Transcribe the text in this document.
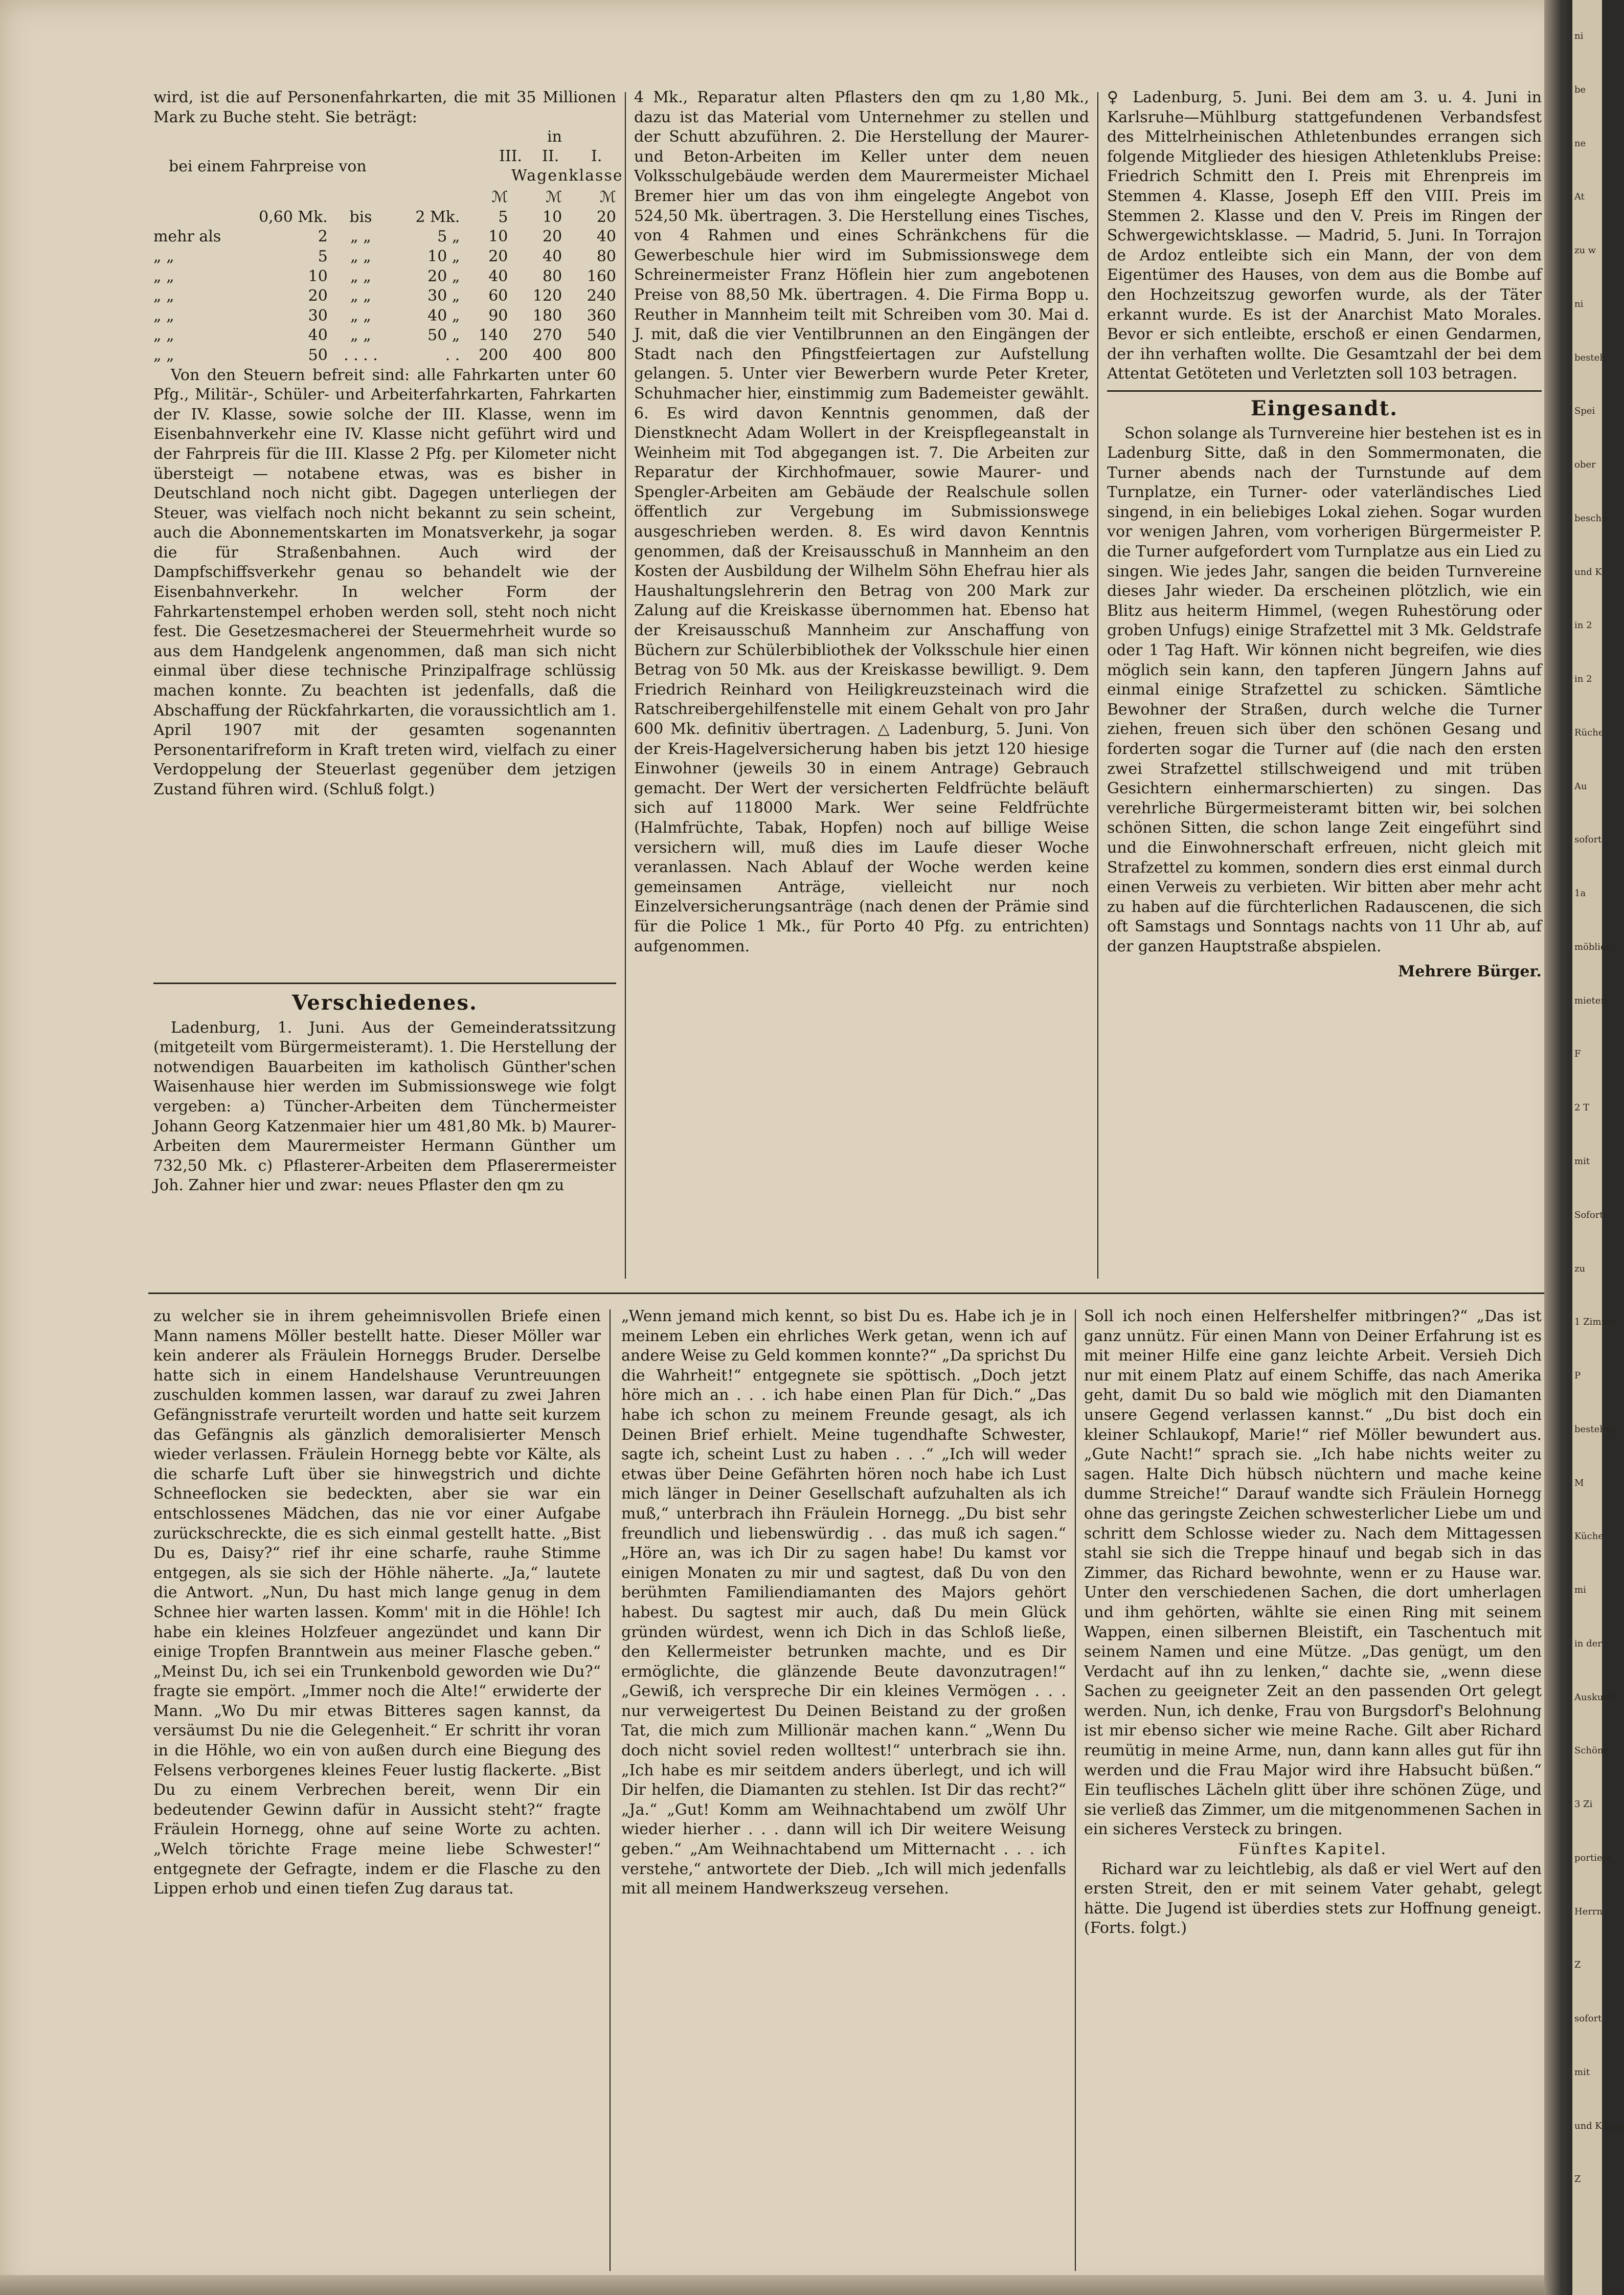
wird, ist die auf Personenfahrkarten, die mit 35 Millionen Mark zu Buche steht. Sie beträgt:

in
III. II. I.
bei einem Fahrpreise von
Wagenklasse
				ℳ	ℳ	ℳ
	0,60 Mk.	bis	2 Mk.	5	10	20
mehr als	2	„ „	5 „	10	20	40
„ „	5	„ „	10 „	20	40	80
„ „	10	„ „	20 „	40	80	160
„ „	20	„ „	30 „	60	120	240
„ „	30	„ „	40 „	90	180	360
„ „	40	„ „	50 „	140	270	540
„ „	50	. . . .	. .	200	400	800

Von den Steuern befreit sind: alle Fahrkarten unter 60 Pfg., Militär-, Schüler- und Arbeiterfahrkarten, Fahrkarten der IV. Klasse, sowie solche der III. Klasse, wenn im Eisenbahnverkehr eine IV. Klasse nicht geführt wird und der Fahrpreis für die III. Klasse 2 Pfg. per Kilometer nicht übersteigt — notabene etwas, was es bisher in Deutschland noch nicht gibt. Dagegen unterliegen der Steuer, was vielfach noch nicht bekannt zu sein scheint, auch die Abonnementskarten im Monatsverkehr, ja sogar die für Straßenbahnen. Auch wird der Dampfschiffsverkehr genau so behandelt wie der Eisenbahnverkehr. In welcher Form der Fahrkartenstempel erhoben werden soll, steht noch nicht fest. Die Gesetzesmacherei der Steuermehrheit wurde so aus dem Handgelenk angenommen, daß man sich nicht einmal über diese technische Prinzipalfrage schlüssig machen konnte. Zu beachten ist jedenfalls, daß die Abschaffung der Rückfahrkarten, die voraussichtlich am 1. April 1907 mit der gesamten sogenannten Personentarifreform in Kraft treten wird, vielfach zu einer Verdoppelung der Steuerlast gegenüber dem jetzigen Zustand führen wird. (Schluß folgt.)

Verschiedenes.

Ladenburg, 1. Juni. Aus der Gemeinderatssitzung (mitgeteilt vom Bürgermeisteramt). 1. Die Herstellung der notwendigen Bauarbeiten im katholisch Günther'schen Waisenhause hier werden im Submissionswege wie folgt vergeben: a) Tüncher-Arbeiten dem Tünchermeister Johann Georg Katzenmaier hier um 481,80 Mk. b) Maurer-Arbeiten dem Maurermeister Hermann Günther um 732,50 Mk. c) Pflasterer-Arbeiten dem Pflaserermeister Joh. Zahner hier und zwar: neues Pflaster den qm zu

4 Mk., Reparatur alten Pflasters den qm zu 1,80 Mk., dazu ist das Material vom Unternehmer zu stellen und der Schutt abzuführen. 2. Die Herstellung der Maurer- und Beton-Arbeiten im Keller unter dem neuen Volksschulgebäude werden dem Maurermeister Michael Bremer hier um das von ihm eingelegte Angebot von 524,50 Mk. übertragen. 3. Die Herstellung eines Tisches, von 4 Rahmen und eines Schränkchens für die Gewerbeschule hier wird im Submissionswege dem Schreinermeister Franz Höflein hier zum angebotenen Preise von 88,50 Mk. übertragen. 4. Die Firma Bopp u. Reuther in Mannheim teilt mit Schreiben vom 30. Mai d. J. mit, daß die vier Ventilbrunnen an den Eingängen der Stadt nach den Pfingstfeiertagen zur Aufstellung gelangen. 5. Unter vier Bewerbern wurde Peter Kreter, Schuhmacher hier, einstimmig zum Bademeister gewählt. 6. Es wird davon Kenntnis genommen, daß der Dienstknecht Adam Wollert in der Kreispflegeanstalt in Weinheim mit Tod abgegangen ist. 7. Die Arbeiten zur Reparatur der Kirchhofmauer, sowie Maurer- und Spengler-Arbeiten am Gebäude der Realschule sollen öffentlich zur Vergebung im Submissionswege ausgeschrieben werden. 8. Es wird davon Kenntnis genommen, daß der Kreisausschuß in Mannheim an den Kosten der Ausbildung der Wilhelm Söhn Ehefrau hier als Haushaltungslehrerin den Betrag von 200 Mark zur Zalung auf die Kreiskasse übernommen hat. Ebenso hat der Kreisausschuß Mannheim zur Anschaffung von Büchern zur Schülerbibliothek der Volksschule hier einen Betrag von 50 Mk. aus der Kreiskasse bewilligt. 9. Dem Friedrich Reinhard von Heiligkreuzsteinach wird die Ratschreibergehilfenstelle mit einem Gehalt von pro Jahr 600 Mk. definitiv übertragen. △ Ladenburg, 5. Juni. Von der Kreis-Hagelversicherung haben bis jetzt 120 hiesige Einwohner (jeweils 30 in einem Antrage) Gebrauch gemacht. Der Wert der versicherten Feldfrüchte beläuft sich auf 118000 Mark. Wer seine Feldfrüchte (Halmfrüchte, Tabak, Hopfen) noch auf billige Weise versichern will, muß dies im Laufe dieser Woche veranlassen. Nach Ablauf der Woche werden keine gemeinsamen Anträge, vielleicht nur noch Einzelversicherungsanträge (nach denen der Prämie sind für die Police 1 Mk., für Porto 40 Pfg. zu entrichten) aufgenommen.

♀ Ladenburg, 5. Juni. Bei dem am 3. u. 4. Juni in Karlsruhe—Mühlburg stattgefundenen Verbandsfest des Mittelrheinischen Athletenbundes errangen sich folgende Mitglieder des hiesigen Athletenklubs Preise: Friedrich Schmitt den I. Preis mit Ehrenpreis im Stemmen 4. Klasse, Joseph Eff den VIII. Preis im Stemmen 2. Klasse und den V. Preis im Ringen der Schwergewichtsklasse. — Madrid, 5. Juni. In Torrajon de Ardoz entleibte sich ein Mann, der von dem Eigentümer des Hauses, von dem aus die Bombe auf den Hochzeitszug geworfen wurde, als der Täter erkannt wurde. Es ist der Anarchist Mato Morales. Bevor er sich entleibte, erschoß er einen Gendarmen, der ihn verhaften wollte. Die Gesamtzahl der bei dem Attentat Getöteten und Verletzten soll 103 betragen.

Eingesandt.

Schon solange als Turnvereine hier bestehen ist es in Ladenburg Sitte, daß in den Sommermonaten, die Turner abends nach der Turnstunde auf dem Turnplatze, ein Turner- oder vaterländisches Lied singend, in ein beliebiges Lokal ziehen. Sogar wurden vor wenigen Jahren, vom vorherigen Bürgermeister P. die Turner aufgefordert vom Turnplatze aus ein Lied zu singen. Wie jedes Jahr, sangen die beiden Turnvereine dieses Jahr wieder. Da erscheinen plötzlich, wie ein Blitz aus heiterm Himmel, (wegen Ruhestörung oder groben Unfugs) einige Strafzettel mit 3 Mk. Geldstrafe oder 1 Tag Haft. Wir können nicht begreifen, wie dies möglich sein kann, den tapferen Jüngern Jahns auf einmal einige Strafzettel zu schicken. Sämtliche Bewohner der Straßen, durch welche die Turner ziehen, freuen sich über den schönen Gesang und forderten sogar die Turner auf (die nach den ersten zwei Strafzettel stillschweigend und mit trüben Gesichtern einhermarschierten) zu singen. Das verehrliche Bürgermeisteramt bitten wir, bei solchen schönen Sitten, die schon lange Zeit eingeführt sind und die Einwohnerschaft erfreuen, nicht gleich mit Strafzettel zu kommen, sondern dies erst einmal durch einen Verweis zu verbieten. Wir bitten aber mehr acht zu haben auf die fürchterlichen Radauscenen, die sich oft Samstags und Sonntags nachts von 11 Uhr ab, auf der ganzen Hauptstraße abspielen.

Mehrere Bürger.

zu welcher sie in ihrem geheimnisvollen Briefe einen Mann namens Möller bestellt hatte. Dieser Möller war kein anderer als Fräulein Horneggs Bruder. Derselbe hatte sich in einem Handelshause Veruntreuungen zuschulden kommen lassen, war darauf zu zwei Jahren Gefängnisstrafe verurteilt worden und hatte seit kurzem das Gefängnis als gänzlich demoralisierter Mensch wieder verlassen. Fräulein Hornegg bebte vor Kälte, als die scharfe Luft über sie hinwegstrich und dichte Schneeflocken sie bedeckten, aber sie war ein entschlossenes Mädchen, das nie vor einer Aufgabe zurückschreckte, die es sich einmal gestellt hatte. „Bist Du es, Daisy?“ rief ihr eine scharfe, rauhe Stimme entgegen, als sie sich der Höhle näherte. „Ja,“ lautete die Antwort. „Nun, Du hast mich lange genug in dem Schnee hier warten lassen. Komm' mit in die Höhle! Ich habe ein kleines Holzfeuer angezündet und kann Dir einige Tropfen Branntwein aus meiner Flasche geben.“ „Meinst Du, ich sei ein Trunkenbold geworden wie Du?“ fragte sie empört. „Immer noch die Alte!“ erwiderte der Mann. „Wo Du mir etwas Bitteres sagen kannst, da versäumst Du nie die Gelegenheit.“ Er schritt ihr voran in die Höhle, wo ein von außen durch eine Biegung des Felsens verborgenes kleines Feuer lustig flackerte. „Bist Du zu einem Verbrechen bereit, wenn Dir ein bedeutender Gewinn dafür in Aussicht steht?“ fragte Fräulein Hornegg, ohne auf seine Worte zu achten. „Welch törichte Frage meine liebe Schwester!“ entgegnete der Gefragte, indem er die Flasche zu den Lippen erhob und einen tiefen Zug daraus tat.

„Wenn jemand mich kennt, so bist Du es. Habe ich je in meinem Leben ein ehrliches Werk getan, wenn ich auf andere Weise zu Geld kommen konnte?“ „Da sprichst Du die Wahrheit!“ entgegnete sie spöttisch. „Doch jetzt höre mich an . . . ich habe einen Plan für Dich.“ „Das habe ich schon zu meinem Freunde gesagt, als ich Deinen Brief erhielt. Meine tugendhafte Schwester, sagte ich, scheint Lust zu haben . . .“ „Ich will weder etwas über Deine Gefährten hören noch habe ich Lust mich länger in Deiner Gesellschaft aufzuhalten als ich muß,“ unterbrach ihn Fräulein Hornegg. „Du bist sehr freundlich und liebenswürdig . . das muß ich sagen.“ „Höre an, was ich Dir zu sagen habe! Du kamst vor einigen Monaten zu mir und sagtest, daß Du von den berühmten Familiendiamanten des Majors gehört habest. Du sagtest mir auch, daß Du mein Glück gründen würdest, wenn ich Dich in das Schloß ließe, den Kellermeister betrunken machte, und es Dir ermöglichte, die glänzende Beute davonzutragen!“ „Gewiß, ich verspreche Dir ein kleines Vermögen . . . nur verweigertest Du Deinen Beistand zu der großen Tat, die mich zum Millionär machen kann.“ „Wenn Du doch nicht soviel reden wolltest!“ unterbrach sie ihn. „Ich habe es mir seitdem anders überlegt, und ich will Dir helfen, die Diamanten zu stehlen. Ist Dir das recht?“ „Ja.“ „Gut! Komm am Weihnachtabend um zwölf Uhr wieder hierher . . . dann will ich Dir weitere Weisung geben.“ „Am Weihnachtabend um Mitternacht . . . ich verstehe,“ antwortete der Dieb. „Ich will mich jedenfalls mit all meinem Handwerkszeug versehen.

Soll ich noch einen Helfershelfer mitbringen?“ „Das ist ganz unnütz. Für einen Mann von Deiner Erfahrung ist es mit meiner Hilfe eine ganz leichte Arbeit. Versieh Dich nur mit einem Platz auf einem Schiffe, das nach Amerika geht, damit Du so bald wie möglich mit den Diamanten unsere Gegend verlassen kannst.“ „Du bist doch ein kleiner Schlaukopf, Marie!“ rief Möller bewundert aus. „Gute Nacht!“ sprach sie. „Ich habe nichts weiter zu sagen. Halte Dich hübsch nüchtern und mache keine dumme Streiche!“ Darauf wandte sich Fräulein Hornegg ohne das geringste Zeichen schwesterlicher Liebe um und schritt dem Schlosse wieder zu. Nach dem Mittagessen stahl sie sich die Treppe hinauf und begab sich in das Zimmer, das Richard bewohnte, wenn er zu Hause war. Unter den verschiedenen Sachen, die dort umherlagen und ihm gehörten, wählte sie einen Ring mit seinem Wappen, einen silbernen Bleistift, ein Taschentuch mit seinem Namen und eine Mütze. „Das genügt, um den Verdacht auf ihn zu lenken,“ dachte sie, „wenn diese Sachen zu geeigneter Zeit an den passenden Ort gelegt werden. Nun, ich denke, Frau von Burgsdorf's Belohnung ist mir ebenso sicher wie meine Rache. Gilt aber Richard reumütig in meine Arme, nun, dann kann alles gut für ihn werden und die Frau Major wird ihre Habsucht büßen.“ Ein teuflisches Lächeln glitt über ihre schönen Züge, und sie verließ das Zimmer, um die mitgenommenen Sachen in ein sicheres Versteck zu bringen.

Fünftes Kapitel.

Richard war zu leichtlebig, als daß er viel Wert auf den ersten Streit, den er mit seinem Vater gehabt, gelegt hätte. Die Jugend ist überdies stets zur Hoffnung geneigt. (Forts. folgt.)

ni
be
ne
At
zu w
ni
besteh
Spei
ober
besche
und K
in 2
in 2
Rüche
Au
sofort
1a
möblier
mieten.
F
2 T
mit
Sofort
zu
1 Zimme
P
bestehen
M
Küche
mi
in der
Auskunft
Schöne
3 Zi
portiere,
Herrn
Z
sofort
mit
und Küche
Z
